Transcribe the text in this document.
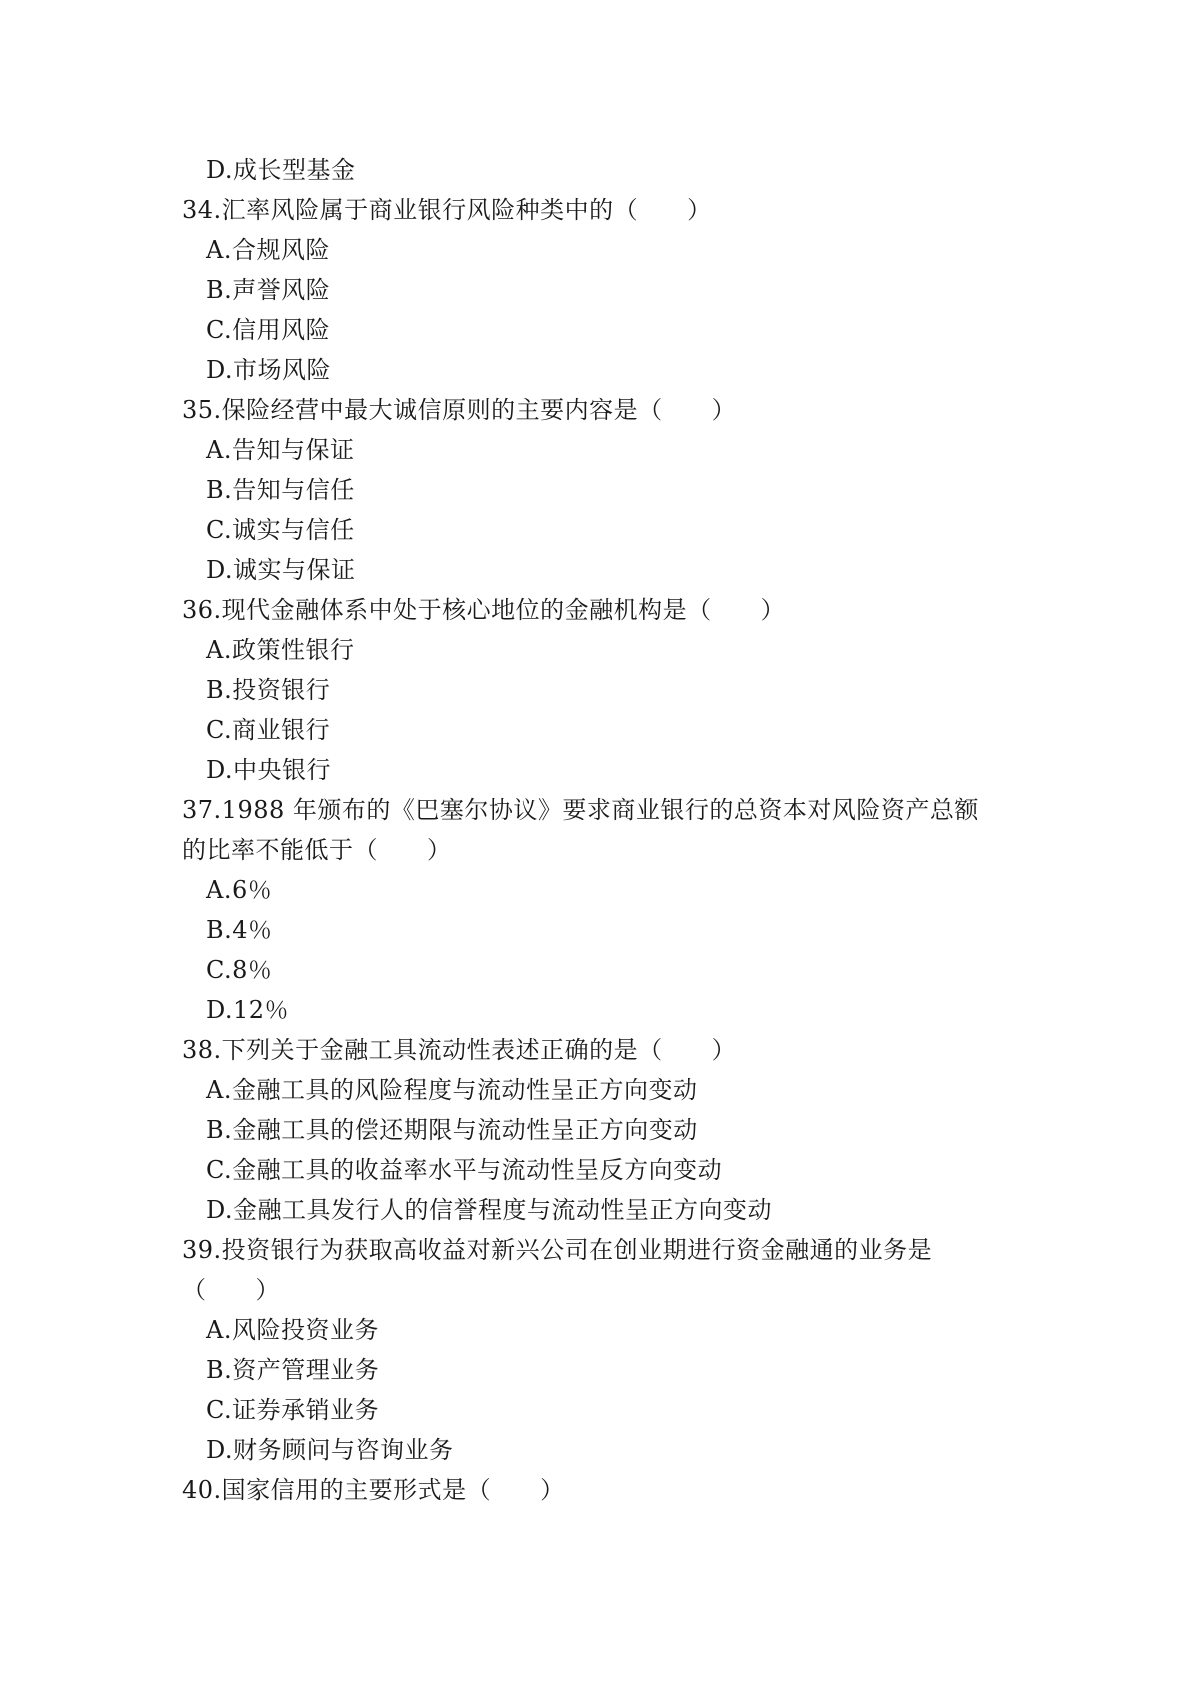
D.成长型基金
34.汇率风险属于商业银行风险种类中的（　　）
A.合规风险
B.声誉风险
C.信用风险
D.市场风险
35.保险经营中最大诚信原则的主要内容是（　　）
A.告知与保证
B.告知与信任
C.诚实与信任
D.诚实与保证
36.现代金融体系中处于核心地位的金融机构是（　　）
A.政策性银行
B.投资银行
C.商业银行
D.中央银行
37.1988 年颁布的《巴塞尔协议》要求商业银行的总资本对风险资产总额
的比率不能低于（　　）
A.6％
B.4％
C.8％
D.12％
38.下列关于金融工具流动性表述正确的是（　　）
A.金融工具的风险程度与流动性呈正方向变动
B.金融工具的偿还期限与流动性呈正方向变动
C.金融工具的收益率水平与流动性呈反方向变动
D.金融工具发行人的信誉程度与流动性呈正方向变动
39.投资银行为获取高收益对新兴公司在创业期进行资金融通的业务是
（　　）
A.风险投资业务
B.资产管理业务
C.证券承销业务
D.财务顾问与咨询业务
40.国家信用的主要形式是（　　）
